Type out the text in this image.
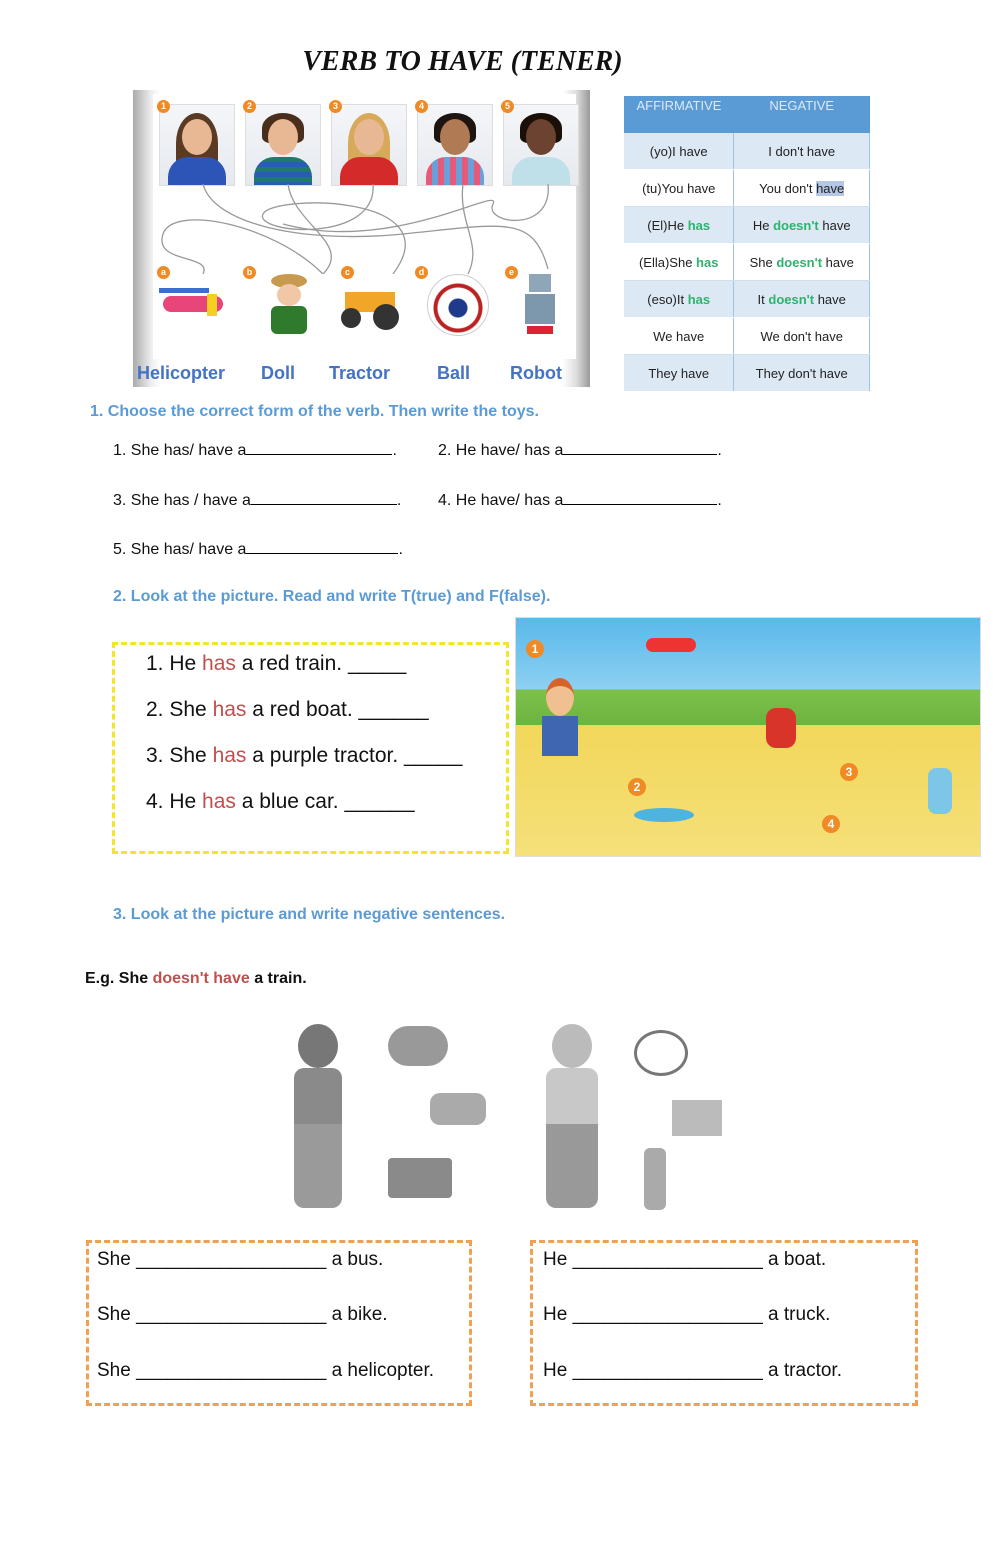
VERB TO HAVE (TENER)
1	2	3	4	5
a	b	c	d	e
Helicopter Doll Tractor	Ball Robot
AFFIRMATIVE	NEGATIVE
(yo)I have	I don't have
(tu)You have	You don't have
(El)He has	He doesn't have
(Ella)She has	She doesn't have
(eso)It has	It doesn't have
We have	We don't have
They have	They don't have
1. Choose the correct form of the verb. Then write the toys.
1. She has/ have a	.	2. He have/ has a	.
3. She has / have a	. 4. He have/ has a	.
5. She has/ have a	.
2. Look at the picture. Read and write T(true) and F(false).
1. He has a red train. _____
2. She has a red boat. ______
3. She has a purple tractor. _____
4. He has a blue car. ______
1
2
3
4
3. Look at the picture and write negative sentences.
E.g. She doesn't have a train.
She __________________ a bus.
She __________________ a bike.
She __________________ a helicopter.
He __________________ a boat.
He __________________ a truck.
He __________________ a tractor.
